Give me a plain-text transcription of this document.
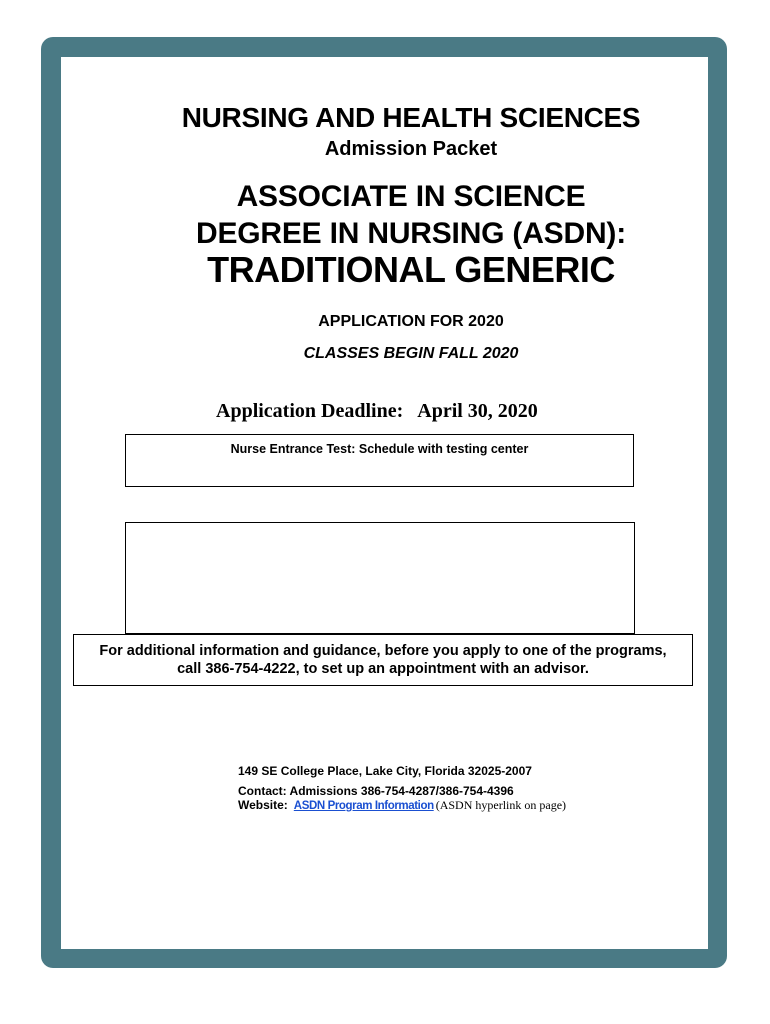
NURSING AND HEALTH SCIENCES
Admission Packet
ASSOCIATE IN SCIENCE
DEGREE IN NURSING (ASDN):
TRADITIONAL GENERIC
APPLICATION FOR 2020
CLASSES BEGIN FALL 2020
Application Deadline: April 30, 2020
Nurse Entrance Test: Schedule with testing center
For additional information and guidance, before you apply to one of the programs,
call 386-754-4222, to set up an appointment with an advisor.
149 SE College Place, Lake City, Florida 32025-2007
Contact: Admissions 386-754-4287/386-754-4396
Website: ASDN Program Information (ASDN hyperlink on page)
